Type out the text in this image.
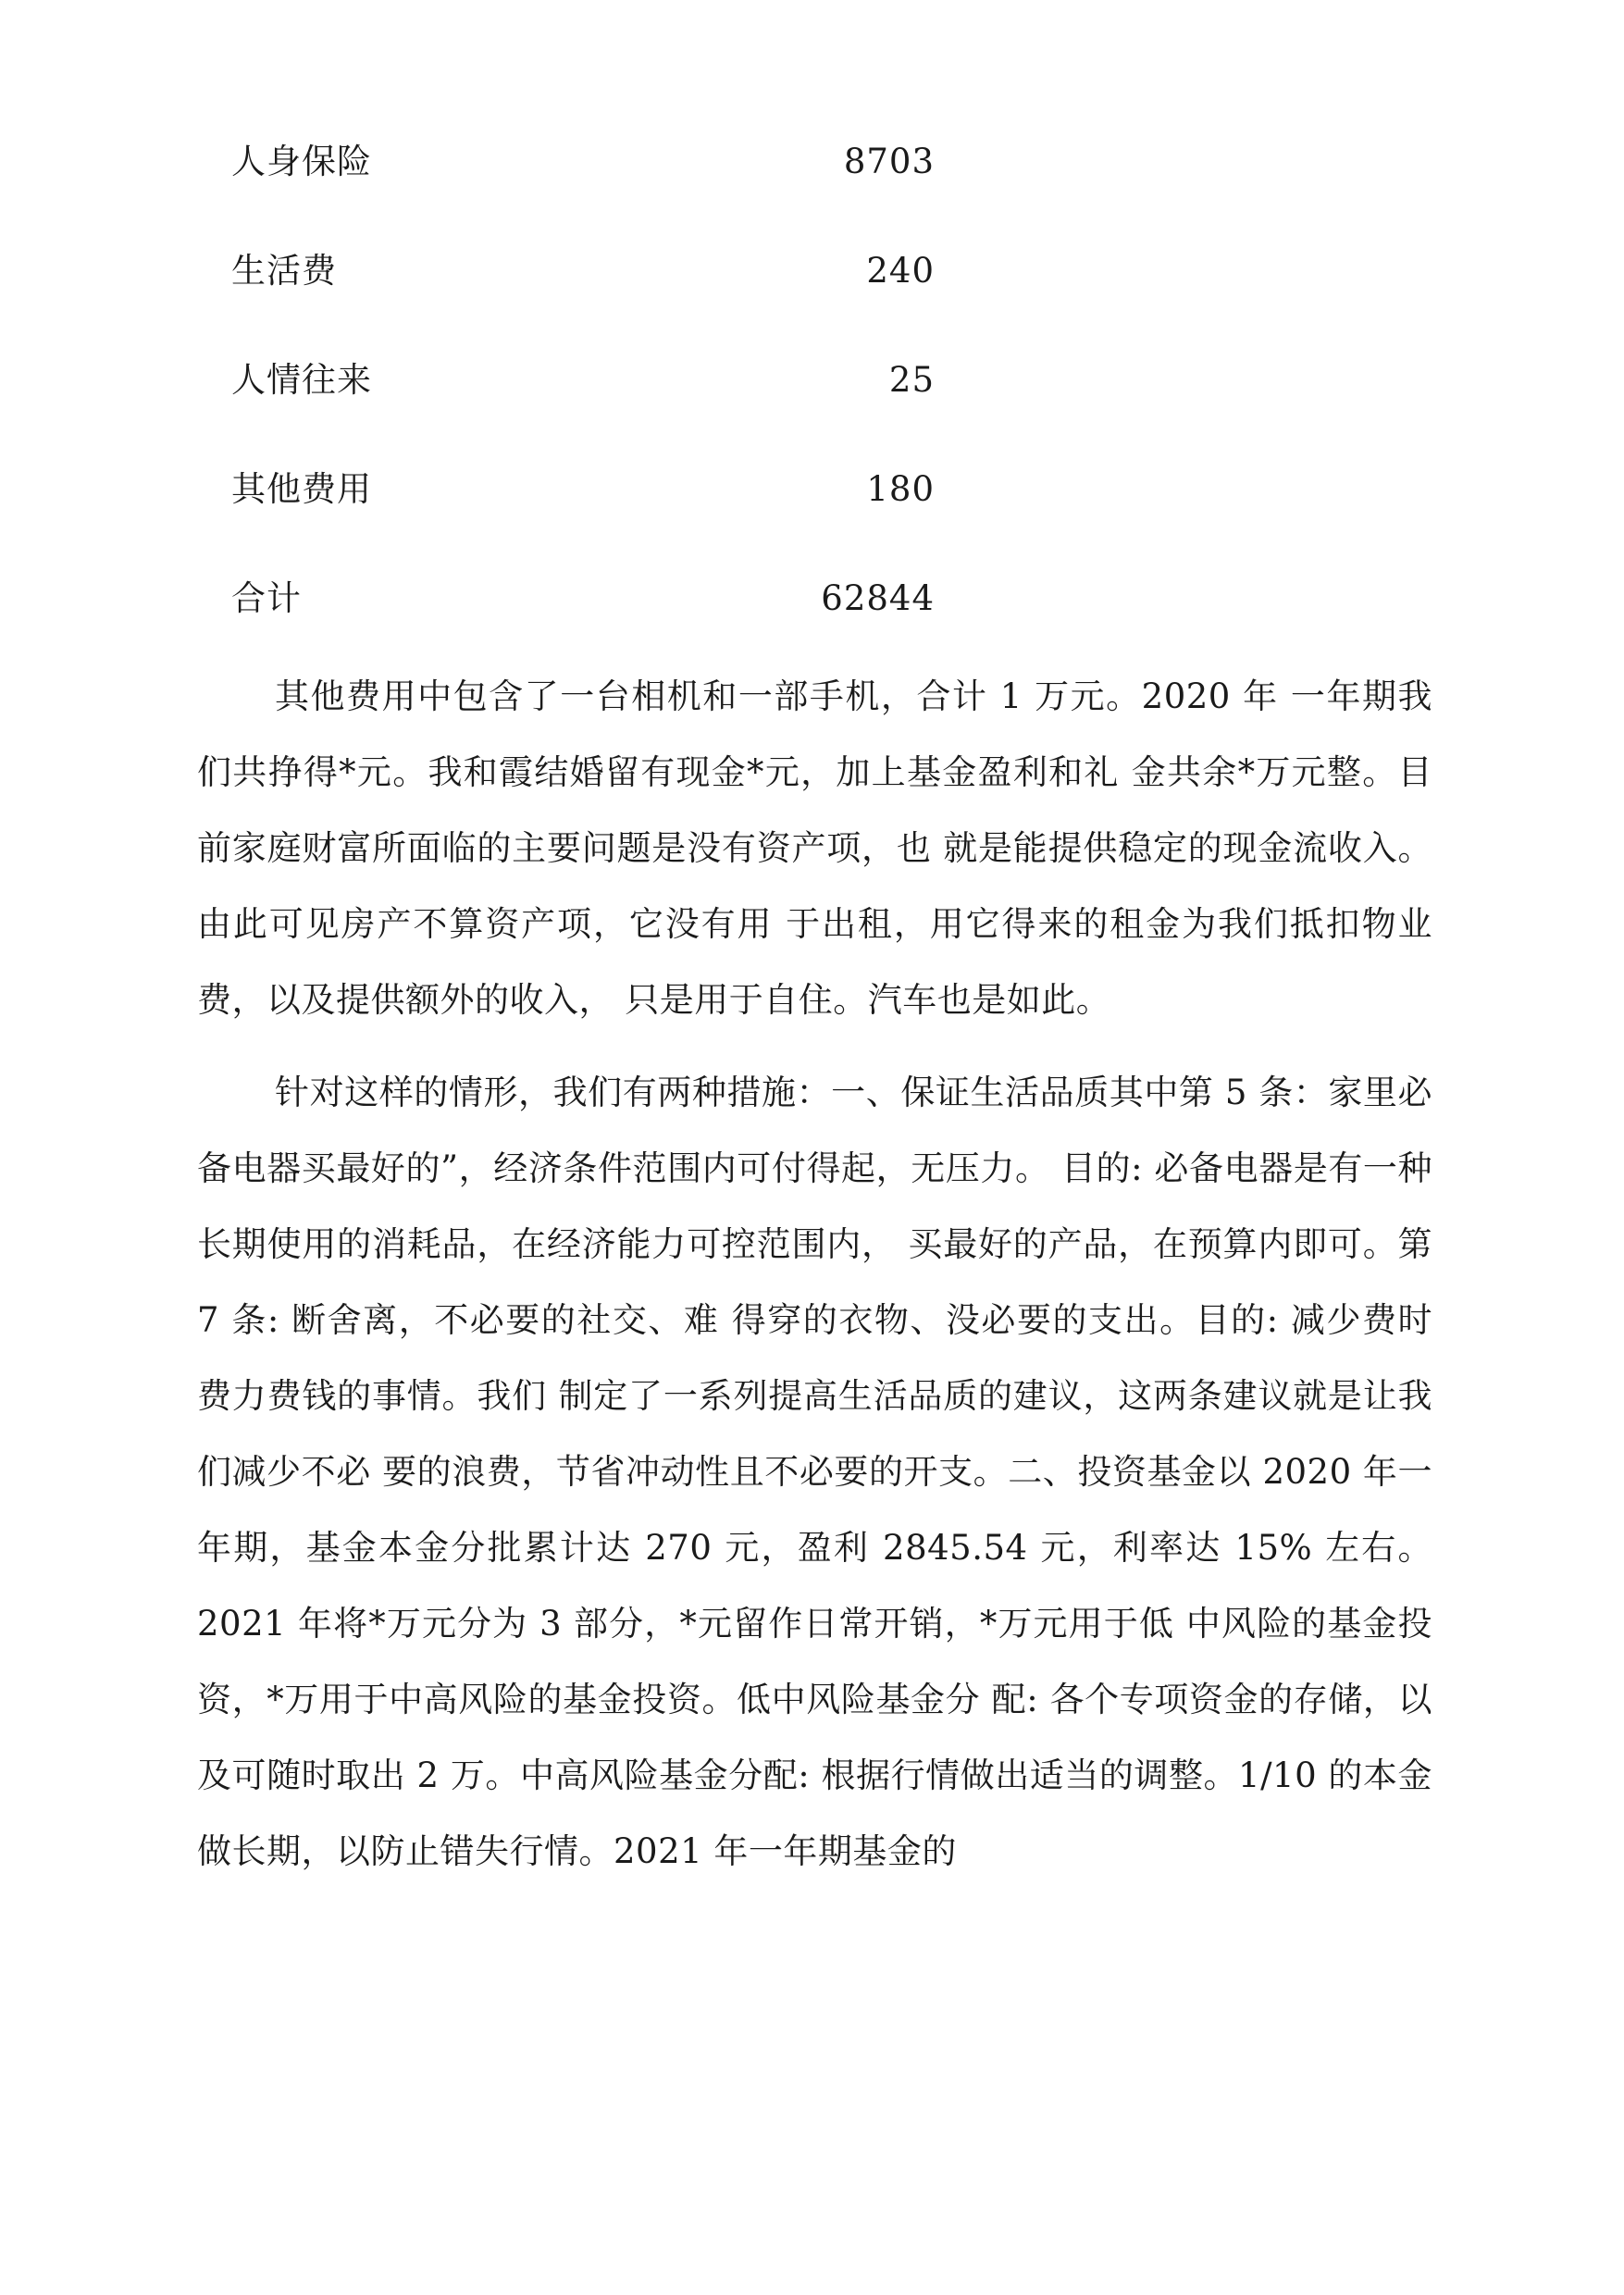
人身保险	8703
生活费	240
人情往来	25
其他费用	180
合计	62844

其他费用中包含了一台相机和一部手机，合计 1 万元。2020 年 一年期我们共挣得*元。我和霞结婚留有现金*元，加上基金盈利和礼 金共余*万元整。目前家庭财富所面临的主要问题是没有资产项，也 就是能提供稳定的现金流收入。由此可见房产不算资产项，它没有用 于出租，用它得来的租金为我们抵扣物业费，以及提供额外的收入， 只是用于自住。汽车也是如此。

针对这样的情形，我们有两种措施：一、保证生活品质其中第 5 条：家里必备电器买最好的”，经济条件范围内可付得起，无压力。 目的: 必备电器是有一种长期使用的消耗品，在经济能力可控范围内， 买最好的产品，在预算内即可。第 7 条: 断舍离，不必要的社交、难 得穿的衣物、没必要的支出。目的: 减少费时费力费钱的事情。我们 制定了一系列提高生活品质的建议，这两条建议就是让我们减少不必 要的浪费，节省冲动性且不必要的开支。二、投资基金以 2020 年一 年期，基金本金分批累计达 270 元，盈利 2845.54 元，利率达 15% 左右。2021 年将*万元分为 3 部分，*元留作日常开销，*万元用于低 中风险的基金投资，*万用于中高风险的基金投资。低中风险基金分 配: 各个专项资金的存储，以及可随时取出 2 万。中高风险基金分配: 根据行情做出适当的调整。1/10 的本金做长期，以防止错失行情。2021 年一年期基金的
